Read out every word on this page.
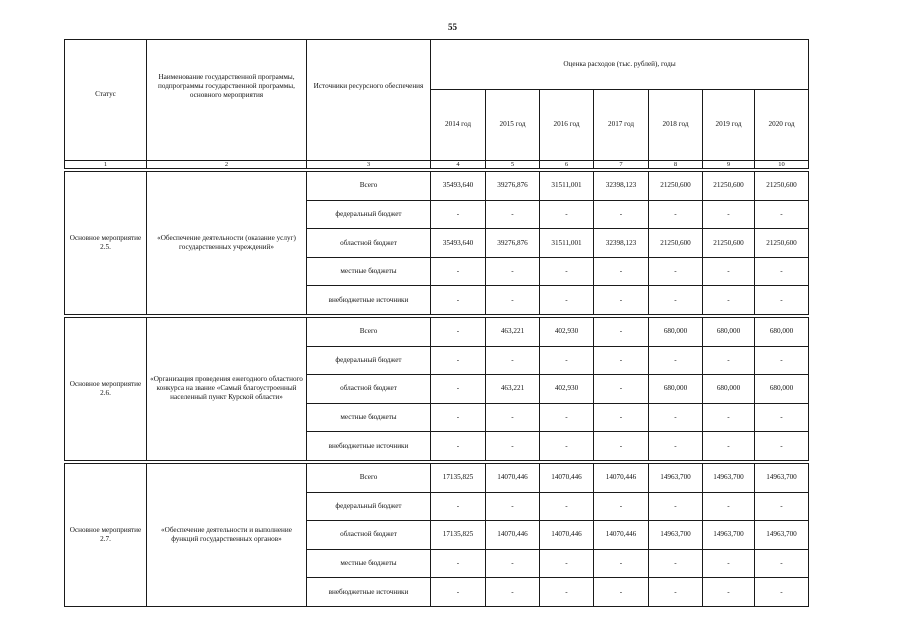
55
Статус	Наименование государственной программы, подпрограммы государственной программы, основного мероприятия	Источники ресурсного обеспечения	Оценка расходов (тыс. рублей), годы						
			2014 год	2015 год	2016 год	2017 год	2018 год	2019 год	2020 год
1	2	3	4	5	6	7	8	9	10

Основное мероприятие 2.5.	«Обеспечение деятельности (оказание услуг) государственных учреждений»	Всего	35493,640	39276,876	31511,001	32398,123	21250,600	21250,600	21250,600
		федеральный бюджет	-	-	-	-	-	-	-
		областной бюджет	35493,640	39276,876	31511,001	32398,123	21250,600	21250,600	21250,600
		местные бюджеты	-	-	-	-	-	-	-
		внебюджетные источники	-	-	-	-	-	-	-

Основное мероприятие 2.6.	«Организация проведения ежегодного областного конкурса на звание «Самый благоустроенный населенный пункт Курской области»	Всего	-	463,221	402,930	-	680,000	680,000	680,000
		федеральный бюджет	-	-	-	-	-	-	-
		областной бюджет	-	463,221	402,930	-	680,000	680,000	680,000
		местные бюджеты	-	-	-	-	-	-	-
		внебюджетные источники	-	-	-	-	-	-	-

Основное мероприятие 2.7.	«Обеспечение деятельности и выполнение функций государственных органов»	Всего	17135,825	14070,446	14070,446	14070,446	14963,700	14963,700	14963,700
		федеральный бюджет	-	-	-	-	-	-	-
		областной бюджет	17135,825	14070,446	14070,446	14070,446	14963,700	14963,700	14963,700
		местные бюджеты	-	-	-	-	-	-	-
		внебюджетные источники	-	-	-	-	-	-	-
